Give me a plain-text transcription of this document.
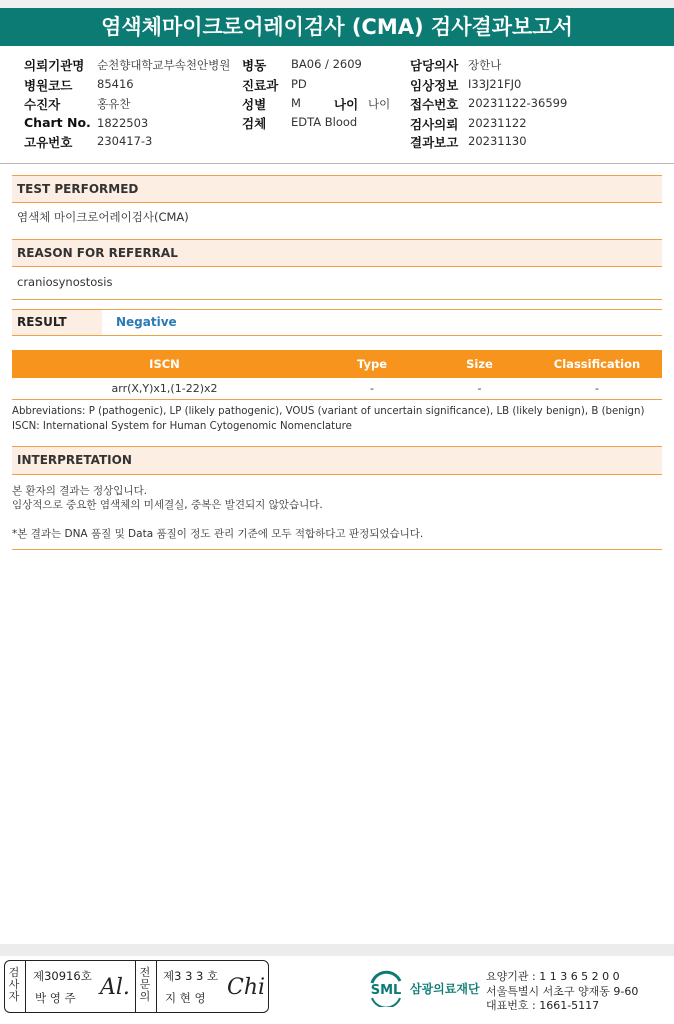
염색체마이크로어레이검사 (CMA) 검사결과보고서
의뢰기관명 순천향대학교부속천안병원
병원코드 85416
수진자	홍유찬
Chart No. 1822503
고유번호 230417-3
병동 BA06 / 2609
진료과 PD
성별 M	나이 나이
검체 EDTA Blood
담당의사 장한나
임상정보 I33J21FJ0
접수번호 20231122-36599
검사의뢰 20231122
결과보고 20231130
TEST PERFORMED
염색체 마이크로어레이검사(CMA)
REASON FOR REFERRAL
craniosynostosis
RESULT	Negative
ISCN	Type	Size	Classification
arr(X,Y)x1,(1-22)x2	-	-	-
Abbreviations: P (pathogenic), LP (likely pathogenic), VOUS (variant of uncertain significance), LB (likely benign), B (benign)
ISCN: International System for Human Cytogenomic Nomenclature
INTERPRETATION
본 환자의 결과는 정상입니다.
임상적으로 중요한 염색체의 미세결실, 중복은 발견되지 않았습니다.
*본 결과는 DNA 품질 및 Data 품질이 정도 관리 기준에 모두 적합하다고 판정되었습니다.
검
사
자
제30916호
박 영 주 Al.
전
문
의
제3 3 3 호
지 현 영 Chi	SML 삼광의료재단
요양기관 : 1 1 3 6 5 2 0 0
서울특별시 서초구 양재동 9-60
대표번호 : 1661-5117
